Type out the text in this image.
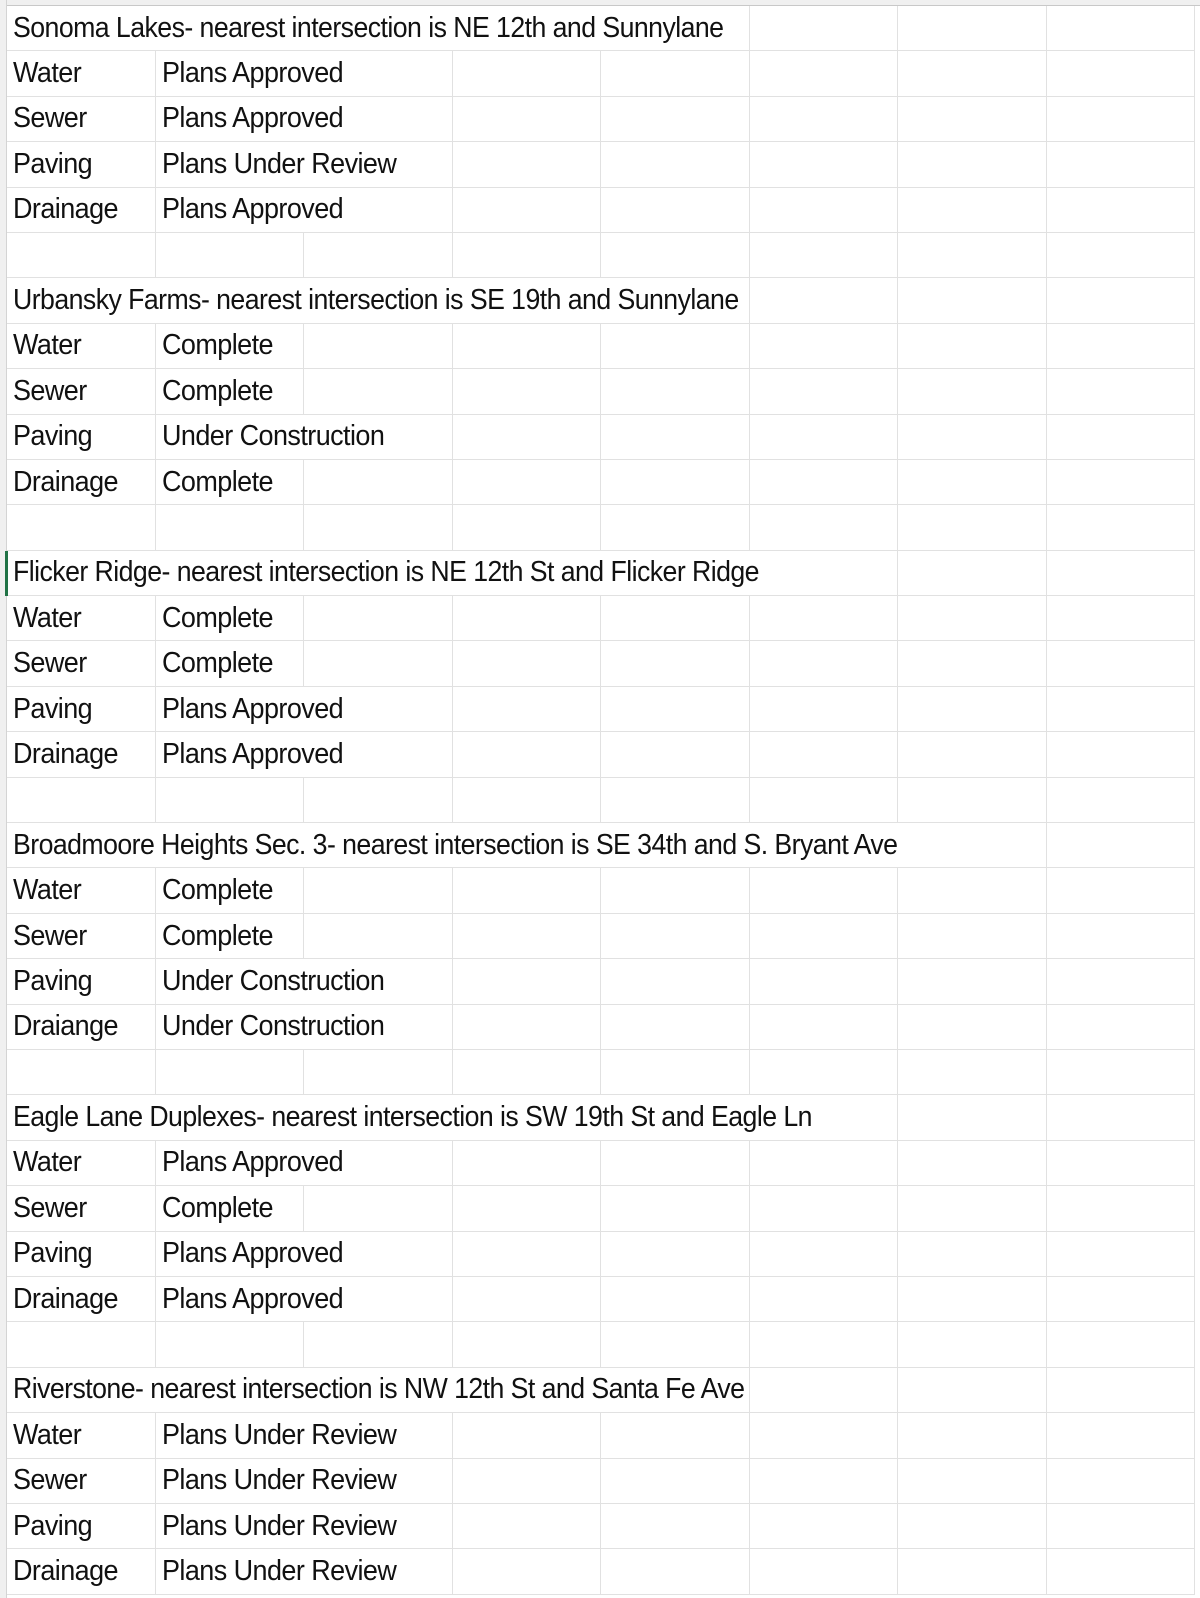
Sonoma Lakes- nearest intersection is NE 12th and Sunnylane
Water	Plans Approved
Sewer	Plans Approved
Paving Plans Under Review
Drainage Plans Approved
Urbansky Farms- nearest intersection is SE 19th and Sunnylane
Water	Complete
Sewer	Complete
Paving Under Construction
Drainage Complete
Flicker Ridge- nearest intersection is NE 12th St and Flicker Ridge
Water	Complete
Sewer	Complete
Paving Plans Approved
Drainage Plans Approved
Broadmoore Heights Sec. 3- nearest intersection is SE 34th and S. Bryant Ave
Water	Complete
Sewer	Complete
Paving Under Construction
Draiange Under Construction
Eagle Lane Duplexes- nearest intersection is SW 19th St and Eagle Ln
Water	Plans Approved
Sewer	Complete
Paving Plans Approved
Drainage Plans Approved
Riverstone- nearest intersection is NW 12th St and Santa Fe Ave
Water	Plans Under Review
Sewer	Plans Under Review
Paving Plans Under Review
Drainage Plans Under Review
